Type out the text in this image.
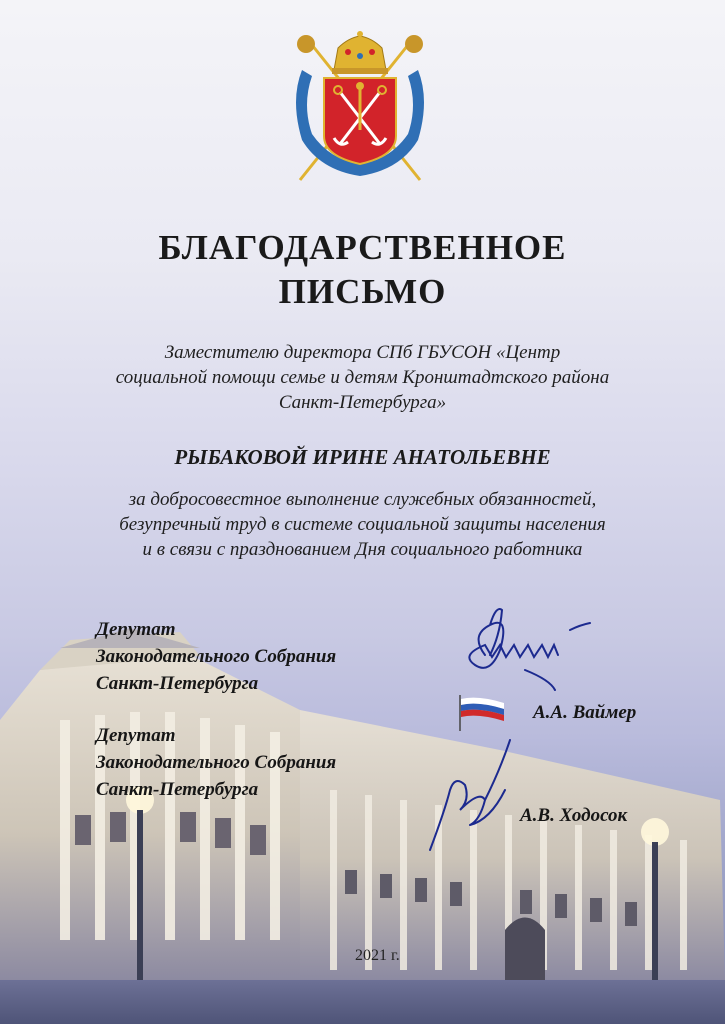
БЛАГОДАРСТВЕННОЕ
ПИСЬМО
Заместителю директора СПб ГБУСОН «Центр
социальной помощи семье и детям Кронштадтского района
Санкт-Петербурга»
РЫБАКОВОЙ ИРИНЕ АНАТОЛЬЕВНЕ
за добросовестное выполнение служебных обязанностей,
безупречный труд в системе социальной защиты населения
и в связи с празднованием Дня социального работника
Депутат
Законодательного Собрания
Санкт-Петербурга
А.А. Ваймер
Депутат
Законодательного Собрания
Санкт-Петербурга
А.В. Ходосок
2021 г.
